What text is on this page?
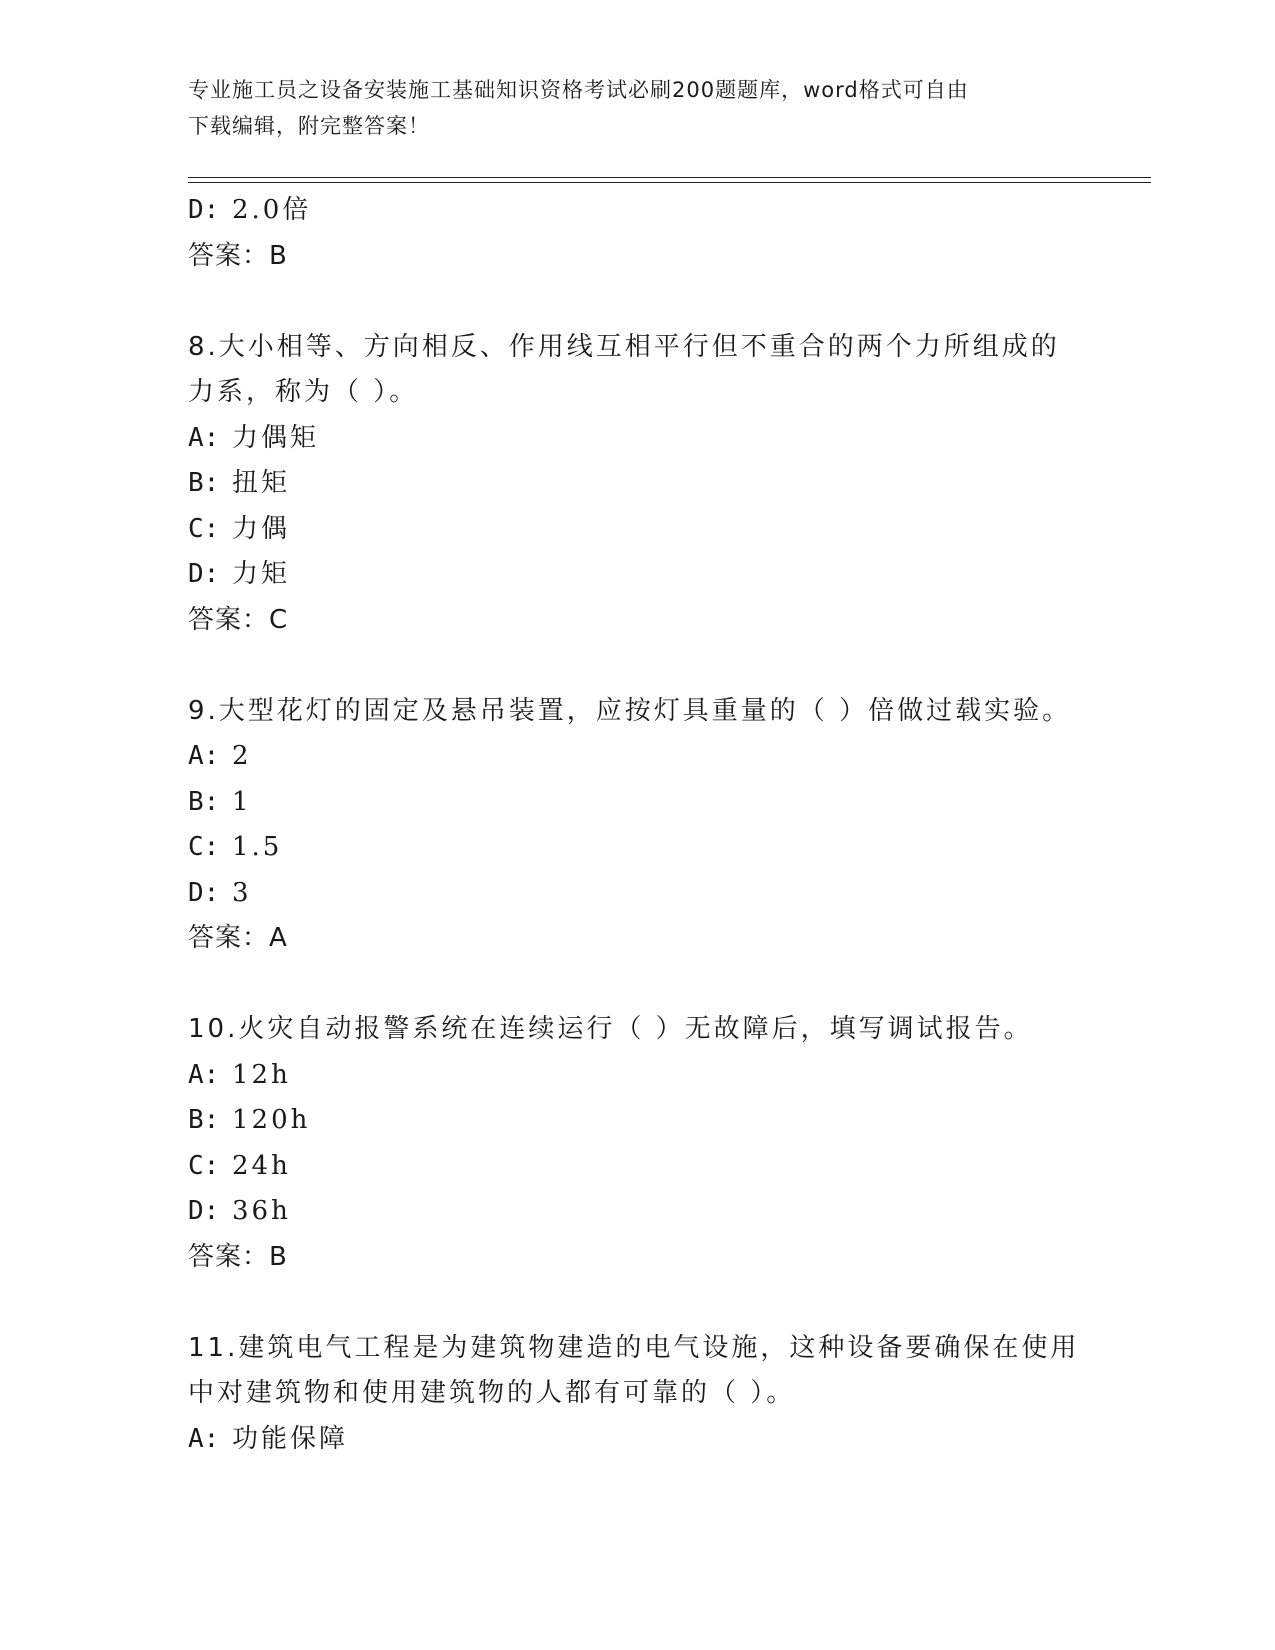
专业施工员之设备安装施工基础知识资格考试必刷200题题库，word格式可自由
下载编辑，附完整答案！
D: 2.0倍
答案：B
8.大小相等、方向相反、作用线互相平行但不重合的两个力所组成的
力系，称为（ ）。
A: 力偶矩
B: 扭矩
C: 力偶
D: 力矩
答案：C
9.大型花灯的固定及悬吊装置，应按灯具重量的（ ）倍做过载实验。
A: 2
B: 1
C: 1.5
D: 3
答案：A
10.火灾自动报警系统在连续运行（ ）无故障后，填写调试报告。
A: 12h
B: 120h
C: 24h
D: 36h
答案：B
11.建筑电气工程是为建筑物建造的电气设施，这种设备要确保在使用
中对建筑物和使用建筑物的人都有可靠的（ ）。
A: 功能保障
